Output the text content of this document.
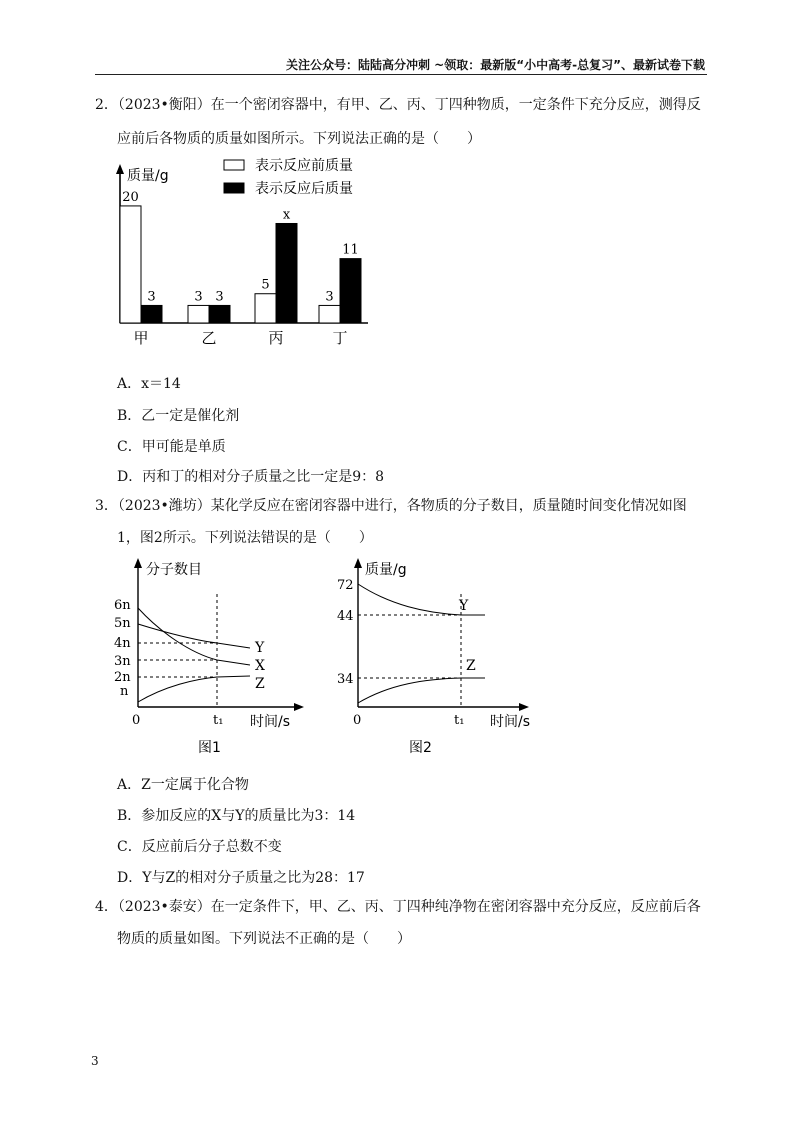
关注公众号：陆陆高分冲刺 ~领取：最新版“小中高考-总复习”、最新试卷下载
2．（2023•衡阳）在一个密闭容器中，有甲、乙、丙、丁四种物质，一定条件下充分反应，测得反
应前后各物质的质量如图所示。下列说法正确的是（　　）
质量/g
表示反应前质量
表示反应后质量
20
3
甲
3 3
乙
5
x
丙
3
11
丁
A．x＝14
B．乙一定是催化剂
C．甲可能是单质
D．丙和丁的相对分子质量之比一定是9：8
3．（2023•潍坊）某化学反应在密闭容器中进行，各物质的分子数目，质量随时间变化情况如图
1，图2所示。下列说法错误的是（　　）
分子数目
0	t₁ 时间/s
6n
5n
4n
3n
2n
n
Y
X
Z
图1
质量/g
0	t₁ 时间/s
72
44
34
Y
Z
图2
A．Z一定属于化合物
B．参加反应的X与Y的质量比为3：14
C．反应前后分子总数不变
D．Y与Z的相对分子质量之比为28：17
4．（2023•泰安）在一定条件下，甲、乙、丙、丁四种纯净物在密闭容器中充分反应，反应前后各
物质的质量如图。下列说法不正确的是（　　）
3
